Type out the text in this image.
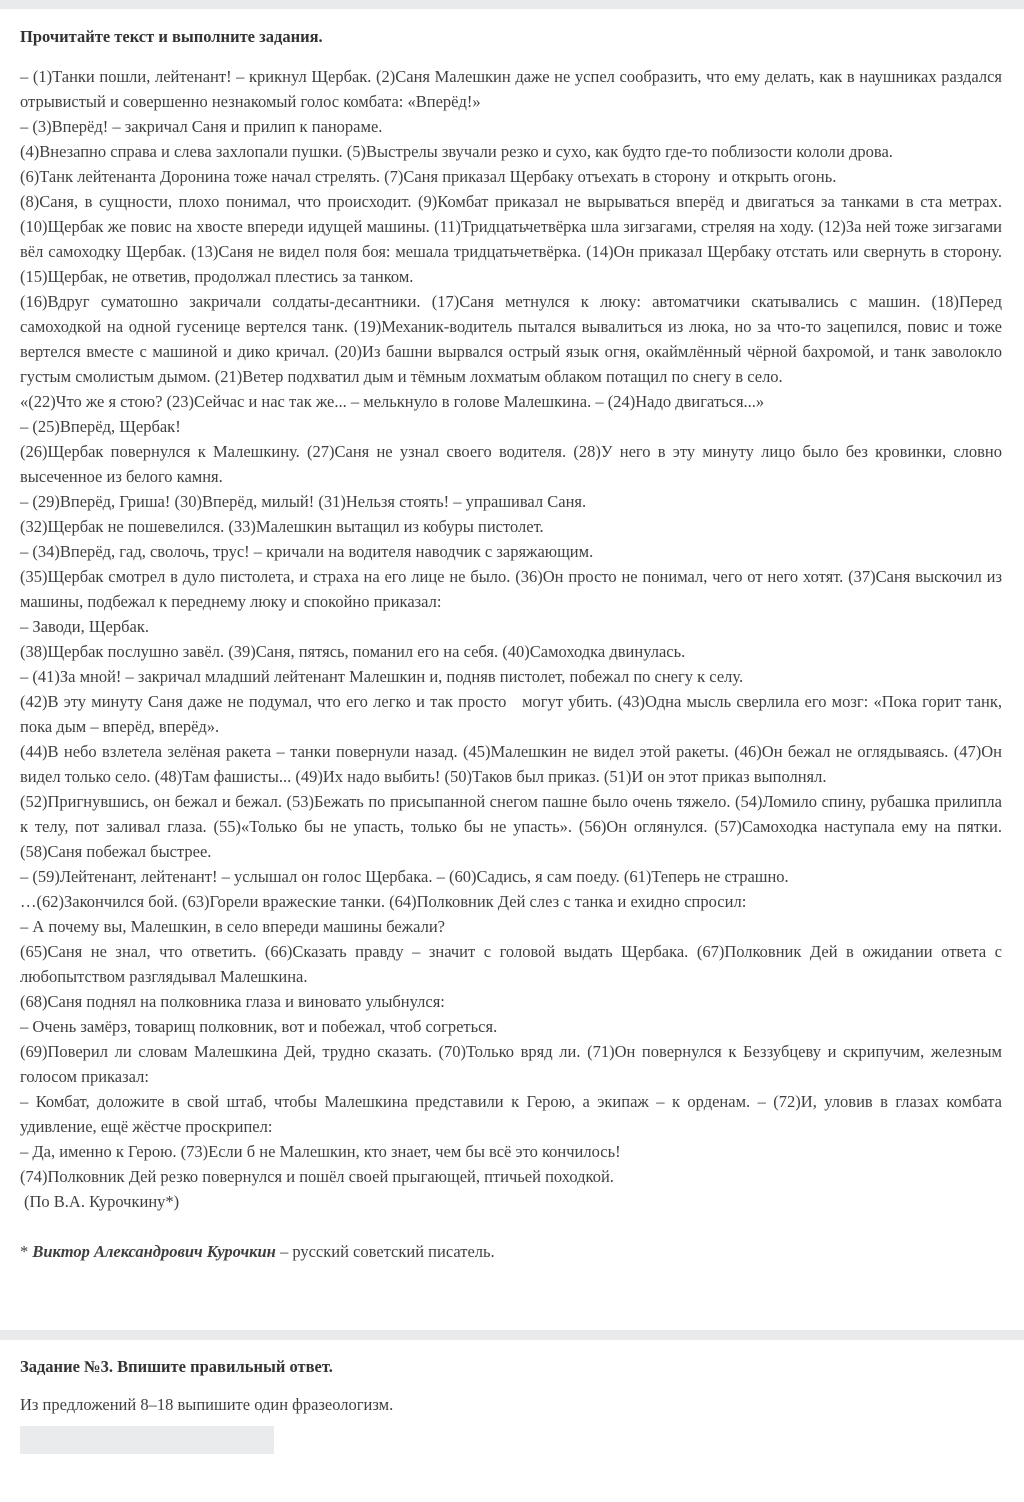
Прочитайте текст и выполните задания.
– (1)Танки пошли, лейтенант! – крикнул Щербак. (2)Саня Малешкин даже не успел сообразить, что ему делать, как в наушниках раздался отрывистый и совершенно незнакомый голос комбата: «Вперёд!»
– (3)Вперёд! – закричал Саня и прилип к панораме.
(4)Внезапно справа и слева захлопали пушки. (5)Выстрелы звучали резко и сухо, как будто где-то поблизости кололи дрова.
(6)Танк лейтенанта Доронина тоже начал стрелять. (7)Саня приказал Щербаку отъехать в сторону  и открыть огонь.
(8)Саня, в сущности, плохо понимал, что происходит. (9)Комбат приказал не вырываться вперёд и двигаться за танками в ста метрах. (10)Щербак же повис на хвосте впереди идущей машины. (11)Тридцатьчетвёрка шла зигзагами, стреляя на ходу. (12)За ней тоже зигзагами вёл самоходку Щербак. (13)Саня не видел поля боя: мешала тридцатьчетвёрка. (14)Он приказал Щербаку отстать или свернуть в сторону. (15)Щербак, не ответив, продолжал плестись за танком.
(16)Вдруг суматошно закричали солдаты-десантники. (17)Саня метнулся к люку: автоматчики скатывались с машин. (18)Перед самоходкой на одной гусенице вертелся танк. (19)Механик-водитель пытался вывалиться из люка, но за что-то зацепился, повис и тоже вертелся вместе с машиной и дико кричал. (20)Из башни вырвался острый язык огня, окаймлённый чёрной бахромой, и танк заволокло густым смолистым дымом. (21)Ветер подхватил дым и тёмным лохматым облаком потащил по снегу в село.
«(22)Что же я стою? (23)Сейчас и нас так же... – мелькнуло в голове Малешкина. – (24)Надо двигаться...»
– (25)Вперёд, Щербак!
(26)Щербак повернулся к Малешкину. (27)Саня не узнал своего водителя. (28)У него в эту минуту лицо было без кровинки, словно высеченное из белого камня.
– (29)Вперёд, Гриша! (30)Вперёд, милый! (31)Нельзя стоять! – упрашивал Саня.
(32)Щербак не пошевелился. (33)Малешкин вытащил из кобуры пистолет.
– (34)Вперёд, гад, сволочь, трус! – кричали на водителя наводчик с заряжающим.
(35)Щербак смотрел в дуло пистолета, и страха на его лице не было. (36)Он просто не понимал, чего от него хотят. (37)Саня выскочил из машины, подбежал к переднему люку и спокойно приказал:
– Заводи, Щербак.
(38)Щербак послушно завёл. (39)Саня, пятясь, поманил его на себя. (40)Самоходка двинулась.
– (41)За мной! – закричал младший лейтенант Малешкин и, подняв пистолет, побежал по снегу к селу.
(42)В эту минуту Саня даже не подумал, что его легко и так просто   могут убить. (43)Одна мысль сверлила его мозг: «Пока горит танк, пока дым – вперёд, вперёд».
(44)В небо взлетела зелёная ракета – танки повернули назад. (45)Малешкин не видел этой ракеты. (46)Он бежал не оглядываясь. (47)Он видел только село. (48)Там фашисты... (49)Их надо выбить! (50)Таков был приказ. (51)И он этот приказ выполнял.
(52)Пригнувшись, он бежал и бежал. (53)Бежать по присыпанной снегом пашне было очень тяжело. (54)Ломило спину, рубашка прилипла к телу, пот заливал глаза. (55)«Только бы не упасть, только бы не упасть». (56)Он оглянулся. (57)Самоходка наступала ему на пятки. (58)Саня побежал быстрее.
– (59)Лейтенант, лейтенант! – услышал он голос Щербака. – (60)Садись, я сам поеду. (61)Теперь не страшно.
…(62)Закончился бой. (63)Горели вражеские танки. (64)Полковник Дей слез с танка и ехидно спросил:
– А почему вы, Малешкин, в село впереди машины бежали?
(65)Саня не знал, что ответить. (66)Сказать правду – значит с головой выдать Щербака. (67)Полковник Дей в ожидании ответа с любопытством разглядывал Малешкина.
(68)Саня поднял на полковника глаза и виновато улыбнулся:
– Очень замёрз, товарищ полковник, вот и побежал, чтоб согреться.
(69)Поверил ли словам Малешкина Дей, трудно сказать. (70)Только вряд ли. (71)Он повернулся к Беззубцеву и скрипучим, железным голосом приказал:
– Комбат, доложите в свой штаб, чтобы Малешкина представили к Герою, а экипаж – к орденам. – (72)И, уловив в глазах комбата удивление, ещё жёстче проскрипел:
– Да, именно к Герою. (73)Если б не Малешкин, кто знает, чем бы всё это кончилось!
(74)Полковник Дей резко повернулся и пошёл своей прыгающей, птичьей походкой.
(По В.А. Курочкину*)
* Виктор Александрович Курочкин – русский советский писатель.
Задание №3. Впишите правильный ответ.
Из предложений 8–18 выпишите один фразеологизм.
